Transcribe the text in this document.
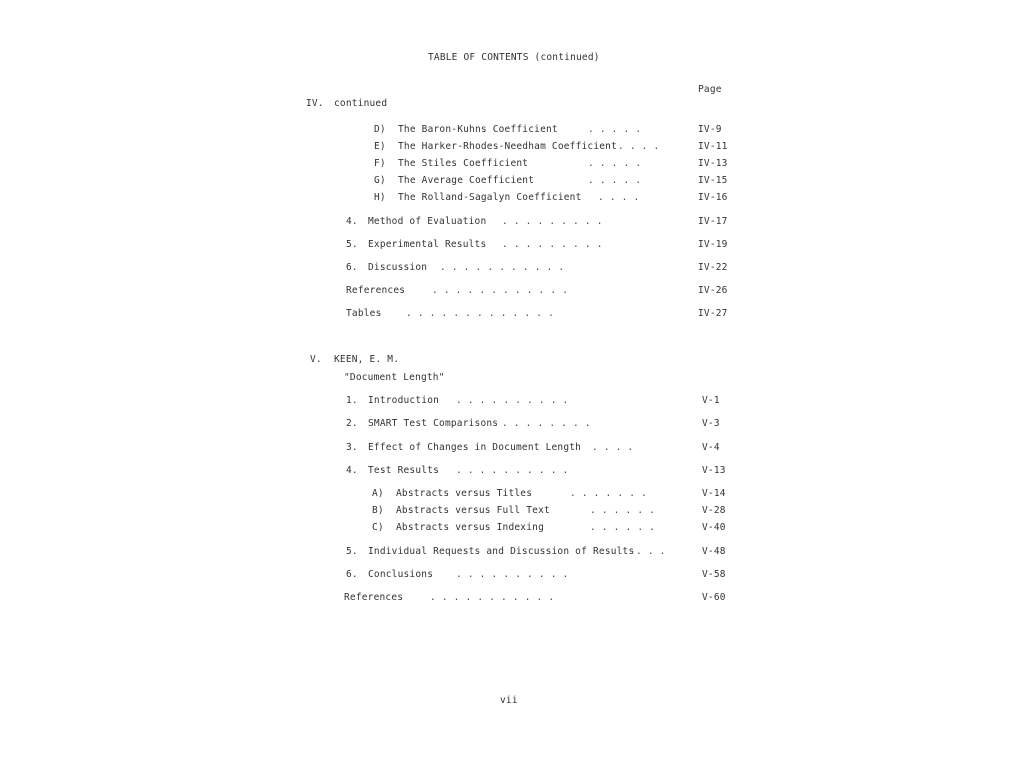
TABLE OF CONTENTS (continued)
Page
IV. continued
D) The Baron-Kuhns Coefficient	. . . . .	IV-9
E) The Harker-Rhodes-Needham Coefficient . . . .	IV-11
F) The Stiles Coefficient	. . . . .	IV-13
G) The Average Coefficient	. . . . .	IV-15
H) The Rolland-Sagalyn Coefficient . . . .	IV-16
4. Method of Evaluation . . . . . . . . .	IV-17
5. Experimental Results . . . . . . . . .	IV-19
6. Discussion . . . . . . . . . . .	IV-22
References	. . . . . . . . . . . .	IV-26
Tables	. . . . . . . . . . . . .	IV-27
V. KEEN, E. M.
"Document Length"
1. Introduction . . . . . . . . . .	V-1
2. SMART Test Comparisons . . . . . . . .	V-3
3. Effect of Changes in Document Length . . . .	V-4
4. Test Results . . . . . . . . . .	V-13
A) Abstracts versus Titles	. . . . . . .	V-14
B) Abstracts versus Full Text	. . . . . .	V-28
C) Abstracts versus Indexing	. . . . . .	V-40
5. Individual Requests and Discussion of Results . . .	V-48
6. Conclusions . . . . . . . . . .	V-58
References	. . . . . . . . . . .	V-60
vii
